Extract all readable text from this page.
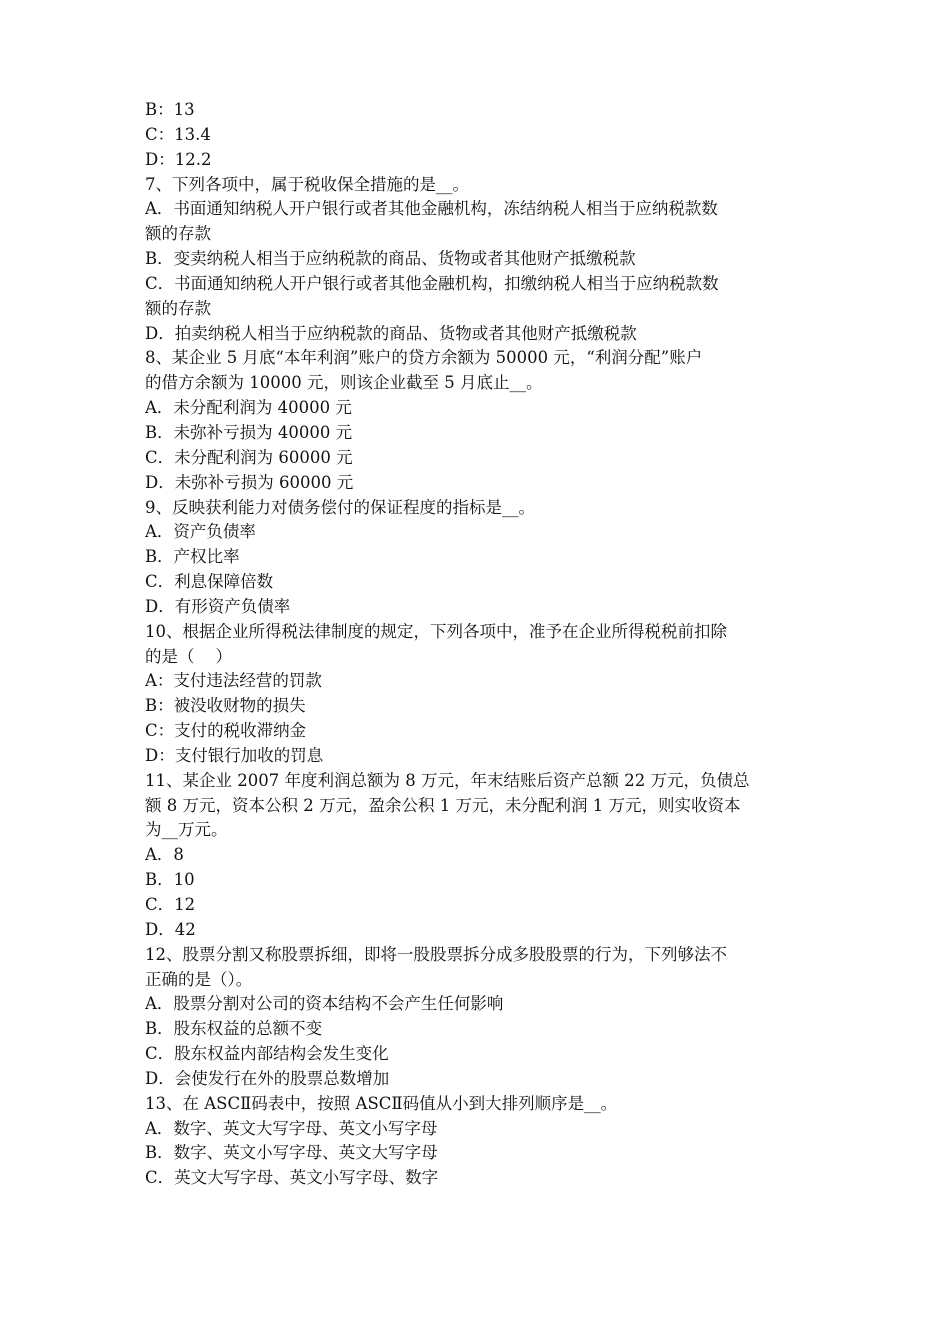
B：13
C：13.4
D：12.2
7、下列各项中，属于税收保全措施的是__。
A．书面通知纳税人开户银行或者其他金融机构，冻结纳税人相当于应纳税款数
额的存款
B．变卖纳税人相当于应纳税款的商品、货物或者其他财产抵缴税款
C．书面通知纳税人开户银行或者其他金融机构，扣缴纳税人相当于应纳税款数
额的存款
D．拍卖纳税人相当于应纳税款的商品、货物或者其他财产抵缴税款
8、某企业 5 月底“本年利润”账户的贷方余额为 50000 元，“利润分配”账户
的借方余额为 10000 元，则该企业截至 5 月底止__。
A．未分配利润为 40000 元
B．未弥补亏损为 40000 元
C．未分配利润为 60000 元
D．未弥补亏损为 60000 元
9、反映获利能力对债务偿付的保证程度的指标是__。
A．资产负债率
B．产权比率
C．利息保障倍数
D．有形资产负债率
10、根据企业所得税法律制度的规定，下列各项中，准予在企业所得税税前扣除
的是（    ）
A：支付违法经营的罚款
B：被没收财物的损失
C：支付的税收滞纳金
D：支付银行加收的罚息
11、某企业 2007 年度利润总额为 8 万元，年末结账后资产总额 22 万元，负债总
额 8 万元，资本公积 2 万元，盈余公积 1 万元，未分配利润 1 万元，则实收资本
为__万元。
A．8
B．10
C．12
D．42
12、股票分割又称股票拆细，即将一股股票拆分成多股股票的行为，下列够法不
正确的是（）。
A．股票分割对公司的资本结构不会产生任何影响
B．股东权益的总额不变
C．股东权益内部结构会发生变化
D．会使发行在外的股票总数增加
13、在 ASCⅡ码表中，按照 ASCⅡ码值从小到大排列顺序是__。
A．数字、英文大写字母、英文小写字母
B．数字、英文小写字母、英文大写字母
C．英文大写字母、英文小写字母、数字
